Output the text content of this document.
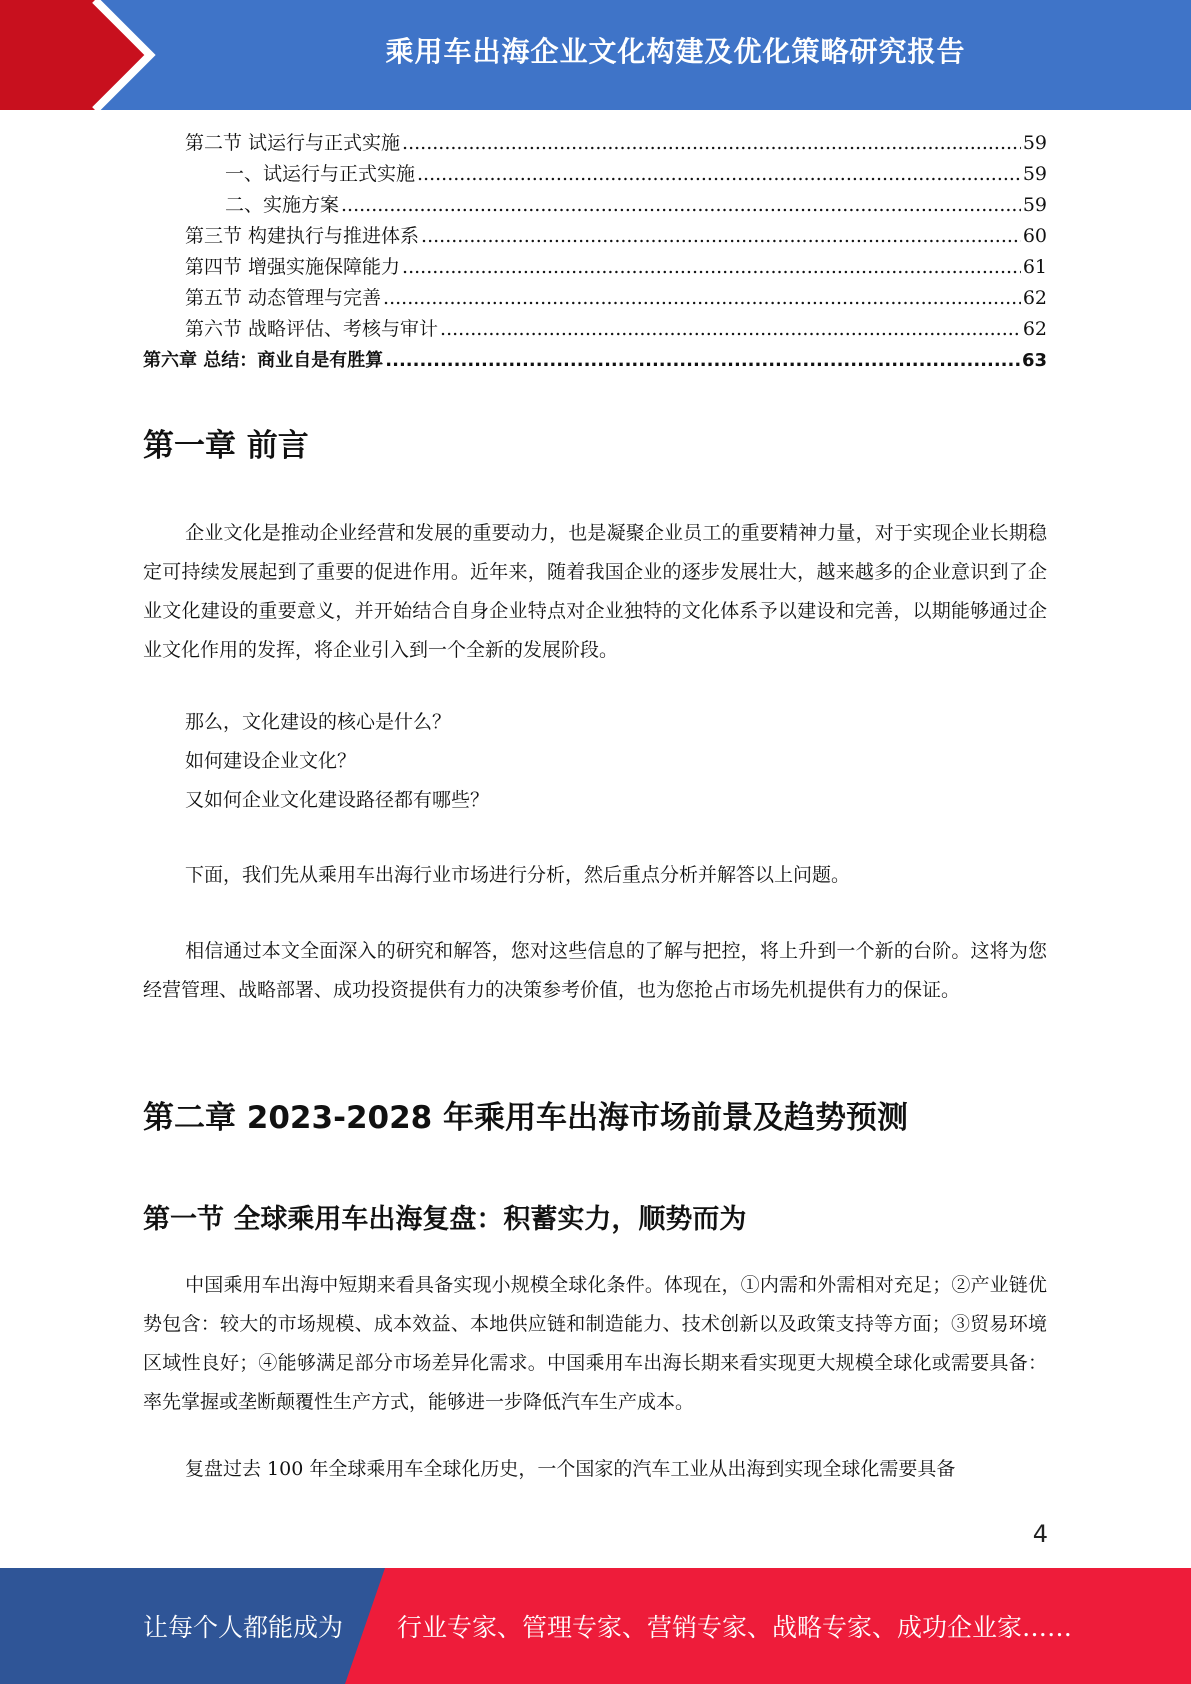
乘用车出海企业文化构建及优化策略研究报告
第二节 试运行与正式实施 .....	59
一、试运行与正式实施 .....	59
二、实施方案 .....	59
第三节 构建执行与推进体系 .....	60
第四节 增强实施保障能力 .....	61
第五节 动态管理与完善 .....	62
第六节 战略评估、考核与审计 .....	62
第六章 总结：商业自是有胜算 .....	63
第一章 前言

企业文化是推动企业经营和发展的重要动力，也是凝聚企业员工的重要精神力量，对于实现企业长期稳定可持续发展起到了重要的促进作用。近年来，随着我国企业的逐步发展壮大，越来越多的企业意识到了企业文化建设的重要意义，并开始结合自身企业特点对企业独特的文化体系予以建设和完善，以期能够通过企业文化作用的发挥，将企业引入到一个全新的发展阶段。

那么，文化建设的核心是什么？

如何建设企业文化？

又如何企业文化建设路径都有哪些？

下面，我们先从乘用车出海行业市场进行分析，然后重点分析并解答以上问题。

相信通过本文全面深入的研究和解答，您对这些信息的了解与把控，将上升到一个新的台阶。这将为您经营管理、战略部署、成功投资提供有力的决策参考价值，也为您抢占市场先机提供有力的保证。

第二章 2023-2028 年乘用车出海市场前景及趋势预测
第一节 全球乘用车出海复盘：积蓄实力，顺势而为

中国乘用车出海中短期来看具备实现小规模全球化条件。体现在，①内需和外需相对充足；②产业链优势包含：较大的市场规模、成本效益、本地供应链和制造能力、技术创新以及政策支持等方面；③贸易环境区域性良好；④能够满足部分市场差异化需求。中国乘用车出海长期来看实现更大规模全球化或需要具备：率先掌握或垄断颠覆性生产方式，能够进一步降低汽车生产成本。

复盘过去 100 年全球乘用车全球化历史，一个国家的汽车工业从出海到实现全球化需要具备

4
让每个人都能成为 行业专家、管理专家、营销专家、战略专家、成功企业家……
